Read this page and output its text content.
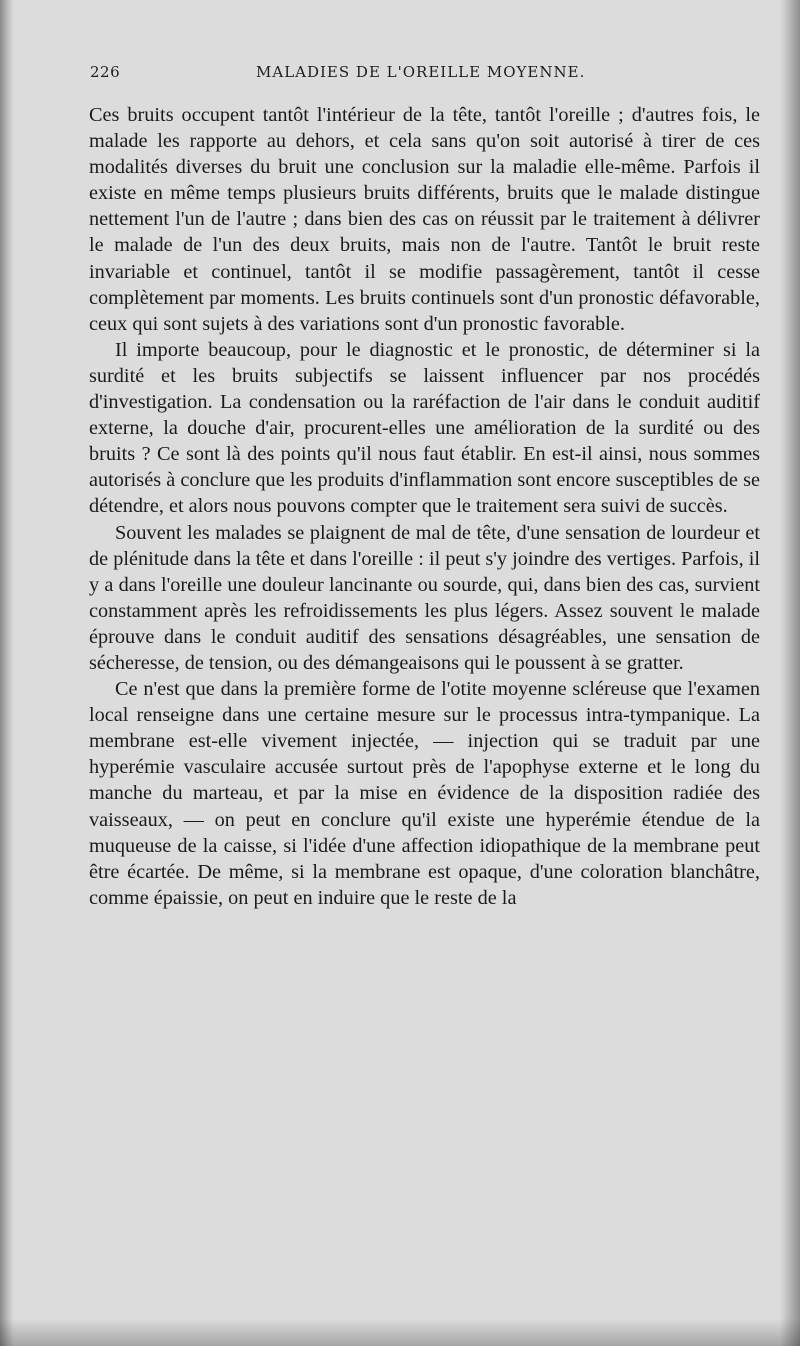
226	MALADIES DE L'OREILLE MOYENNE.

Ces bruits occupent tantôt l'intérieur de la tête, tantôt l'oreille ; d'autres fois, le malade les rapporte au dehors, et cela sans qu'on soit autorisé à tirer de ces modalités diverses du bruit une conclusion sur la maladie elle-même. Parfois il existe en même temps plusieurs bruits différents, bruits que le malade distingue nettement l'un de l'autre ; dans bien des cas on réussit par le traitement à délivrer le malade de l'un des deux bruits, mais non de l'autre. Tantôt le bruit reste invariable et continuel, tantôt il se modifie passagèrement, tantôt il cesse complètement par moments. Les bruits continuels sont d'un pronostic défavorable, ceux qui sont sujets à des variations sont d'un pronostic favorable.

Il importe beaucoup, pour le diagnostic et le pronostic, de déterminer si la surdité et les bruits subjectifs se laissent influencer par nos procédés d'investigation. La condensation ou la raréfaction de l'air dans le conduit auditif externe, la douche d'air, procurent-elles une amélioration de la surdité ou des bruits ? Ce sont là des points qu'il nous faut établir. En est-il ainsi, nous sommes autorisés à conclure que les produits d'inflammation sont encore susceptibles de se détendre, et alors nous pouvons compter que le traitement sera suivi de succès.

Souvent les malades se plaignent de mal de tête, d'une sensation de lourdeur et de plénitude dans la tête et dans l'oreille : il peut s'y joindre des vertiges. Parfois, il y a dans l'oreille une douleur lancinante ou sourde, qui, dans bien des cas, survient constamment après les refroidissements les plus légers. Assez souvent le malade éprouve dans le conduit auditif des sensations désagréables, une sensation de sécheresse, de tension, ou des démangeaisons qui le poussent à se gratter.

Ce n'est que dans la première forme de l'otite moyenne scléreuse que l'examen local renseigne dans une certaine mesure sur le processus intra-tympanique. La membrane est-elle vivement injectée, — injection qui se traduit par une hyperémie vasculaire accusée surtout près de l'apophyse externe et le long du manche du marteau, et par la mise en évidence de la disposition radiée des vaisseaux, — on peut en conclure qu'il existe une hyperémie étendue de la muqueuse de la caisse, si l'idée d'une affection idiopathique de la membrane peut être écartée. De même, si la membrane est opaque, d'une coloration blanchâtre, comme épaissie, on peut en induire que le reste de la
